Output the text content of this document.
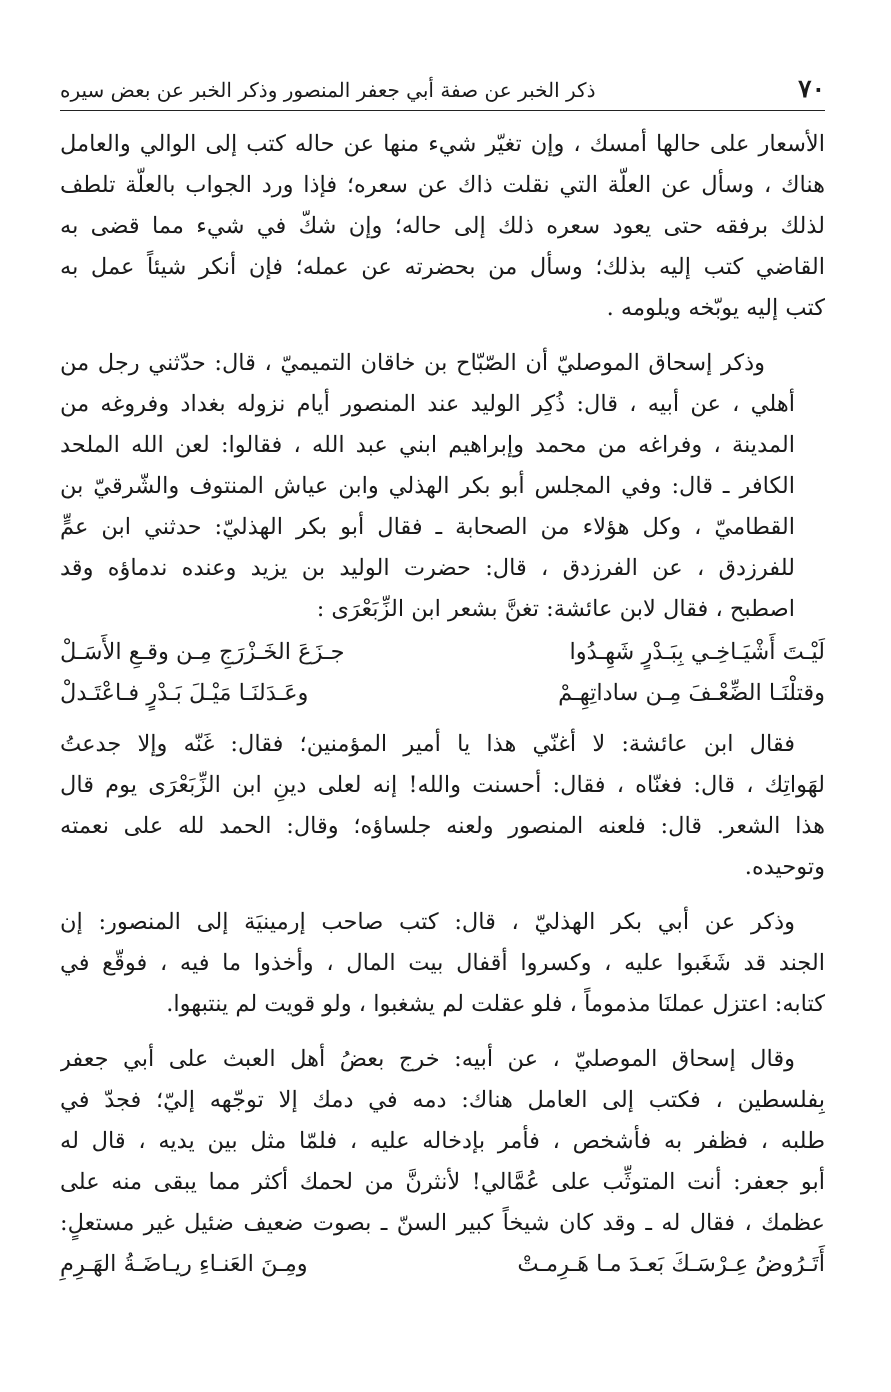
٧٠
ذكر الخبر عن صفة أبي جعفر المنصور وذكر الخبر عن بعض سيره

الأسعار على حالها أمسك ، وإن تغيّر شيء منها عن حاله كتب إلى الوالي والعامل
هناك ، وسأل عن العلّة التي نقلت ذاك عن سعره؛ فإذا ورد الجواب بالعلّة تلطف
لذلك برفقه حتى يعود سعره ذلك إلى حاله؛ وإن شكّ في شيء مما قضى به
القاضي كتب إليه بذلك؛ وسأل من بحضرته عن عمله؛ فإن أنكر شيئاً عمل به
كتب إليه يوبّخه ويلومه .

وذكر إسحاق الموصليّ أن الصّبّاح بن خاقان التميميّ ، قال: حدّثني رجل من
أهلي ، عن أبيه ، قال: ذُكِر الوليد عند المنصور أيام نزوله بغداد وفروغه من
المدينة ، وفراغه من محمد وإبراهيم ابني عبد الله ، فقالوا: لعن الله الملحد
الكافر ـ قال: وفي المجلس أبو بكر الهذلي وابن عياش المنتوف والشّرقيّ بن
القطاميّ ، وكل هؤلاء من الصحابة ـ فقال أبو بكر الهذليّ: حدثني ابن عمٍّ
للفرزدق ، عن الفرزدق ، قال: حضرت الوليد بن يزيد وعنده ندماؤه وقد
اصطبح ، فقال لابن عائشة: تغنَّ بشعر ابن الزِّبَعْرَى :

لَيْـتَ أَشْيَـاخِـي بِبَـدْرٍ شَهِـدُوا
جـزَعَ الخَـزْرَجِ مِـن وقـعِ الأَسَـلْ
وقتلْنَـا الضِّعْـفَ مِـن ساداتِهِـمْ
وعَـدَلنَـا مَيْـلَ بَـدْرٍ فـاعْتَـدلْ

فقال ابن عائشة: لا أغنّي هذا يا أمير المؤمنين؛ فقال: غَنّه وإلا جدعتُ
لهَواتِك ، قال: فغنّاه ، فقال: أحسنت والله! إنه لعلى دينِ ابن الزِّبَعْرَى يوم قال
هذا الشعر. قال: فلعنه المنصور ولعنه جلساؤه؛ وقال: الحمد لله على نعمته
وتوحيده.

وذكر عن أبي بكر الهذليّ ، قال: كتب صاحب إرمينيَة إلى المنصور: إن
الجند قد شَغَبوا عليه ، وكسروا أقفال بيت المال ، وأخذوا ما فيه ، فوقّع في
كتابه: اعتزل عملنَا مذموماً ، فلو عقلت لم يشغبوا ، ولو قويت لم ينتبهوا.

وقال إسحاق الموصليّ ، عن أبيه: خرج بعضُ أهل العبث على أبي جعفر
بِفلسطين ، فكتب إلى العامل هناك: دمه في دمك إلا توجّهه إليّ؛ فجدّ في
طلبه ، فظفر به فأشخص ، فأمر بإدخاله عليه ، فلمّا مثل بين يديه ، قال له
أبو جعفر: أنت المتوثِّب على عُمَّالي! لأنثرنَّ من لحمك أكثر مما يبقى منه على
عظمك ، فقال له ـ وقد كان شيخاً كبير السنّ ـ بصوت ضعيف ضئيل غير مستعلٍ:

أَتَـرُوضُ عِـرْسَـكَ بَعـدَ مـا هَـرِمـتْ
ومِـنَ العَنـاءِ ريـاضَـةُ الهَـرِمِ
